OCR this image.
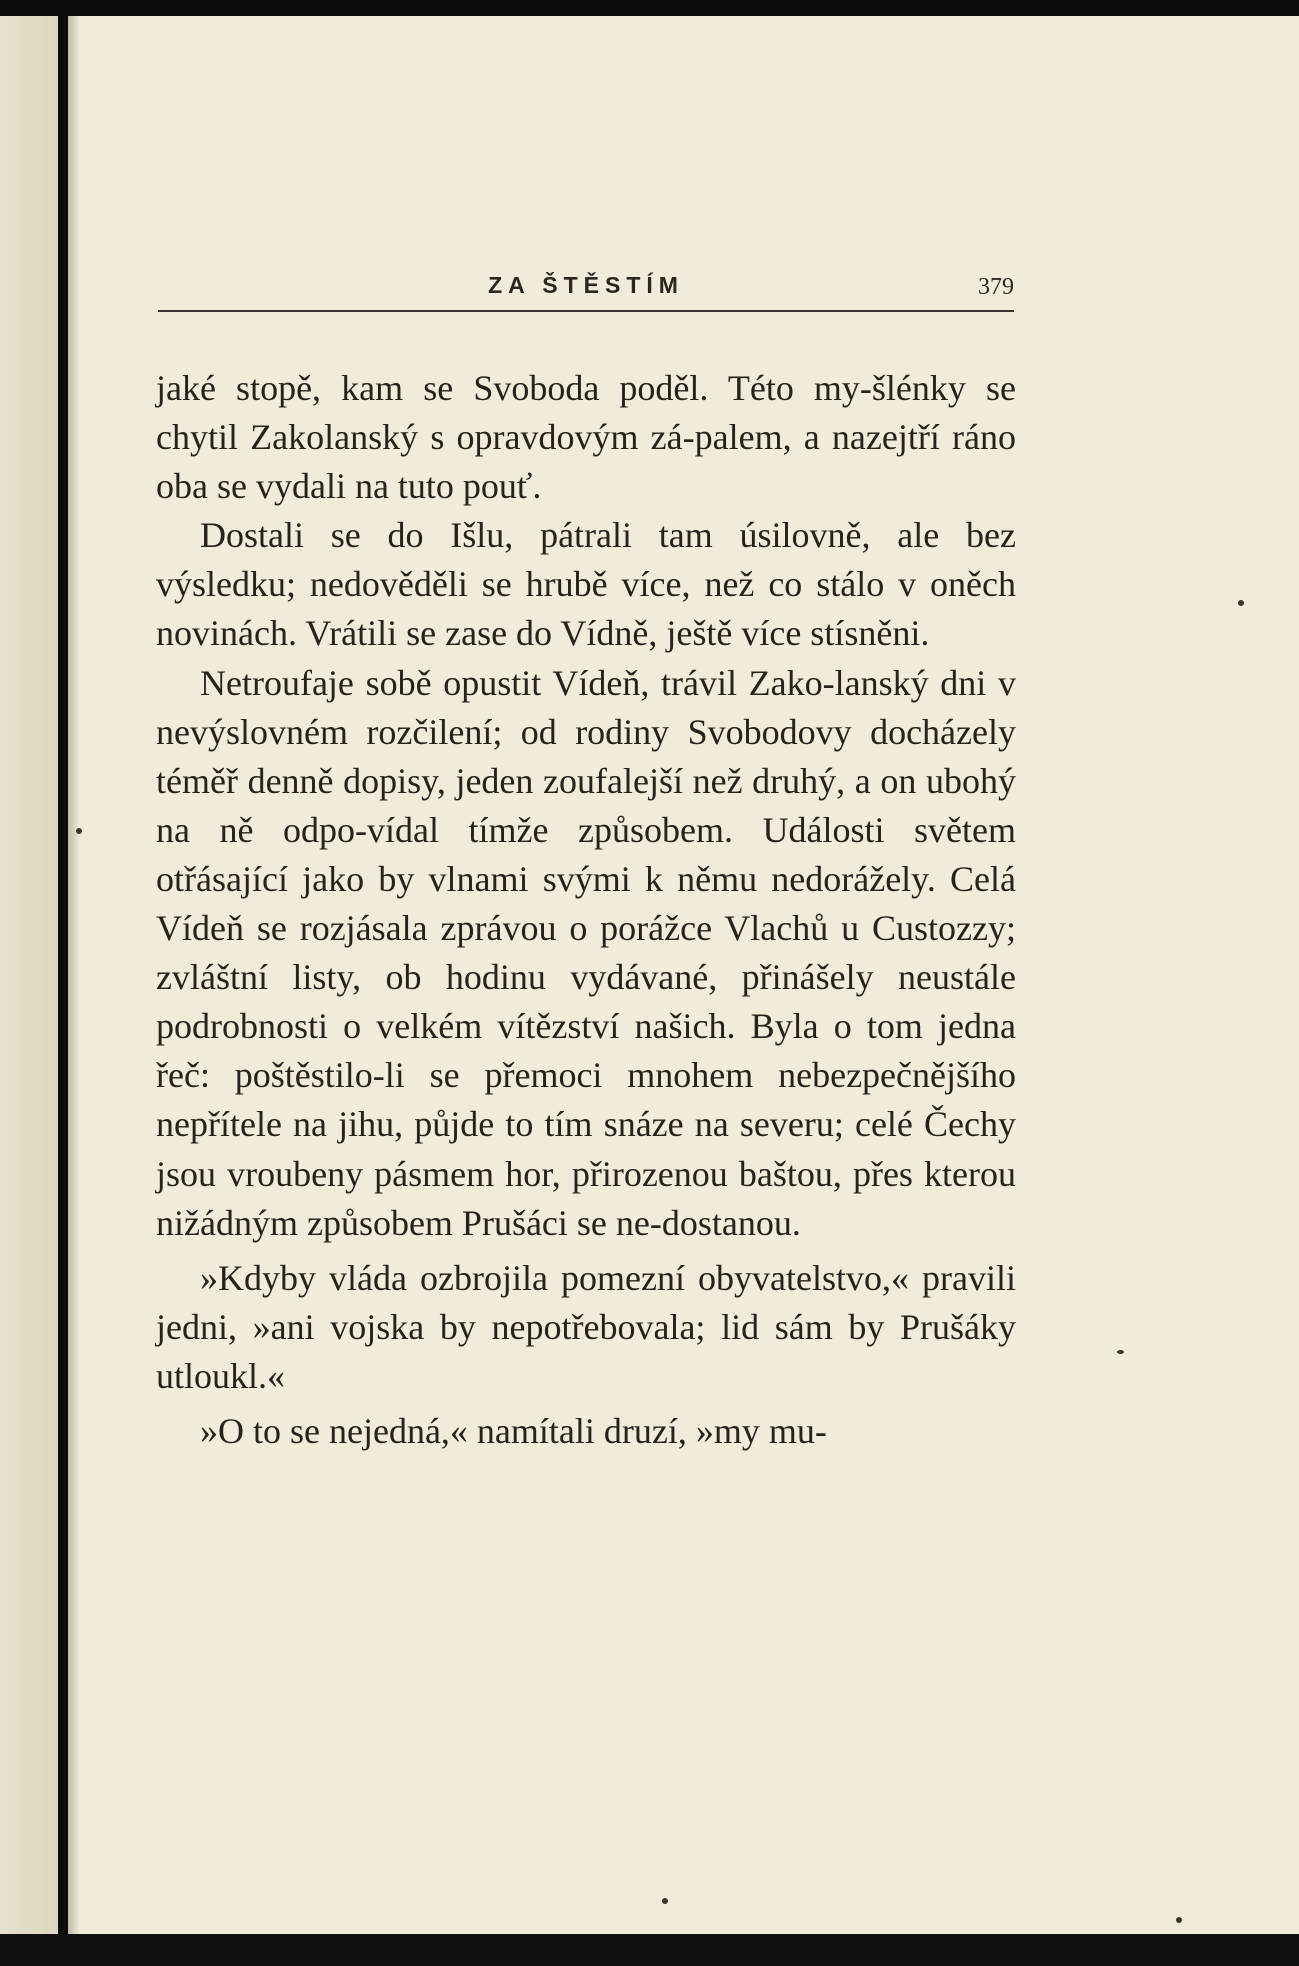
ZA ŠTĚSTÍM	379

jaké stopě, kam se Svoboda poděl. Této my-šlénky se chytil Zakolanský s opravdovým zá-palem, a nazejtří ráno oba se vydali na tuto pouť.

Dostali se do Išlu, pátrali tam úsilovně, ale bez výsledku; nedověděli se hrubě více, než co stálo v oněch novinách. Vrátili se zase do Vídně, ještě více stísněni.

Netroufaje sobě opustit Vídeň, trávil Zako-lanský dni v nevýslovném rozčilení; od rodiny Svobodovy docházely téměř denně dopisy, jeden zoufalejší než druhý, a on ubohý na ně odpo-vídal tímže způsobem. Události světem otřásající jako by vlnami svými k němu nedorážely. Celá Vídeň se rozjásala zprávou o porážce Vlachů u Custozzy; zvláštní listy, ob hodinu vydávané, přinášely neustále podrobnosti o velkém vítězství našich. Byla o tom jedna řeč: poštěstilo-li se přemoci mnohem nebezpečnějšího nepřítele na jihu, půjde to tím snáze na severu; celé Čechy jsou vroubeny pásmem hor, přirozenou baštou, přes kterou nižádným způsobem Prušáci se ne-dostanou.

»Kdyby vláda ozbrojila pomezní obyvatelstvo,« pravili jedni, »ani vojska by nepotřebovala; lid sám by Prušáky utloukl.«

»O to se nejedná,« namítali druzí, »my mu-
